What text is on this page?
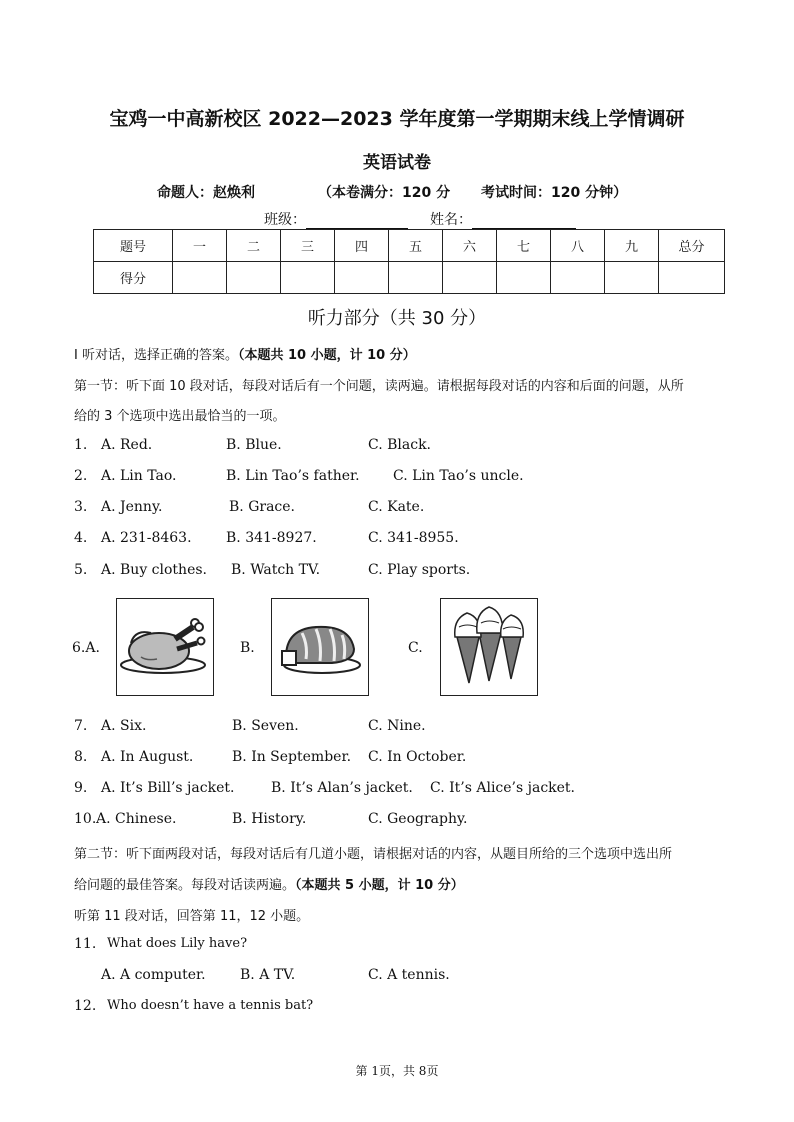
宝鸡一中高新校区 2022—2023 学年度第一学期期末线上学情调研
英语试卷
命题人：赵焕利	（本卷满分：120 分 考试时间：120 分钟）
班级：	姓名：
题号	一	二	三	四	五	六	七	八	九	总分
得分										
听力部分（共 30 分）
Ⅰ 听对话，选择正确的答案。（本题共 10 小题，计 10 分）
第一节：听下面 10 段对话，每段对话后有一个问题，读两遍。请根据每段对话的内容和后面的问题，从所
给的 3 个选项中选出最恰当的一项。
1. A. Red.	B. Blue.	C. Black.
2. A. Lin Tao.	B. Lin Tao’s father. C. Lin Tao’s uncle.
3. A. Jenny.	B. Grace.	C. Kate.
4. A. 231-8463. B. 341-8927.	C. 341-8955.
5. A. Buy clothes. B. Watch TV.	C. Play sports.
6.A.	B.	C.
7. A. Six.	B. Seven.	C. Nine.
8. A. In August.	B. In September. C. In October.
9. A. It’s Bill’s jacket.	B. It’s Alan’s jacket. C. It’s Alice’s jacket.
10. A. Chinese.	B. History.	C. Geography.
第二节：听下面两段对话，每段对话后有几道小题，请根据对话的内容，从题目所给的三个选项中选出所
给问题的最佳答案。每段对话读两遍。（本题共 5 小题，计 10 分）
听第 11 段对话，回答第 11，12 小题。
11. What does Lily have?
A. A computer. B. A TV.	C. A tennis.
12. Who doesn’t have a tennis bat?
第 1页，共 8页
